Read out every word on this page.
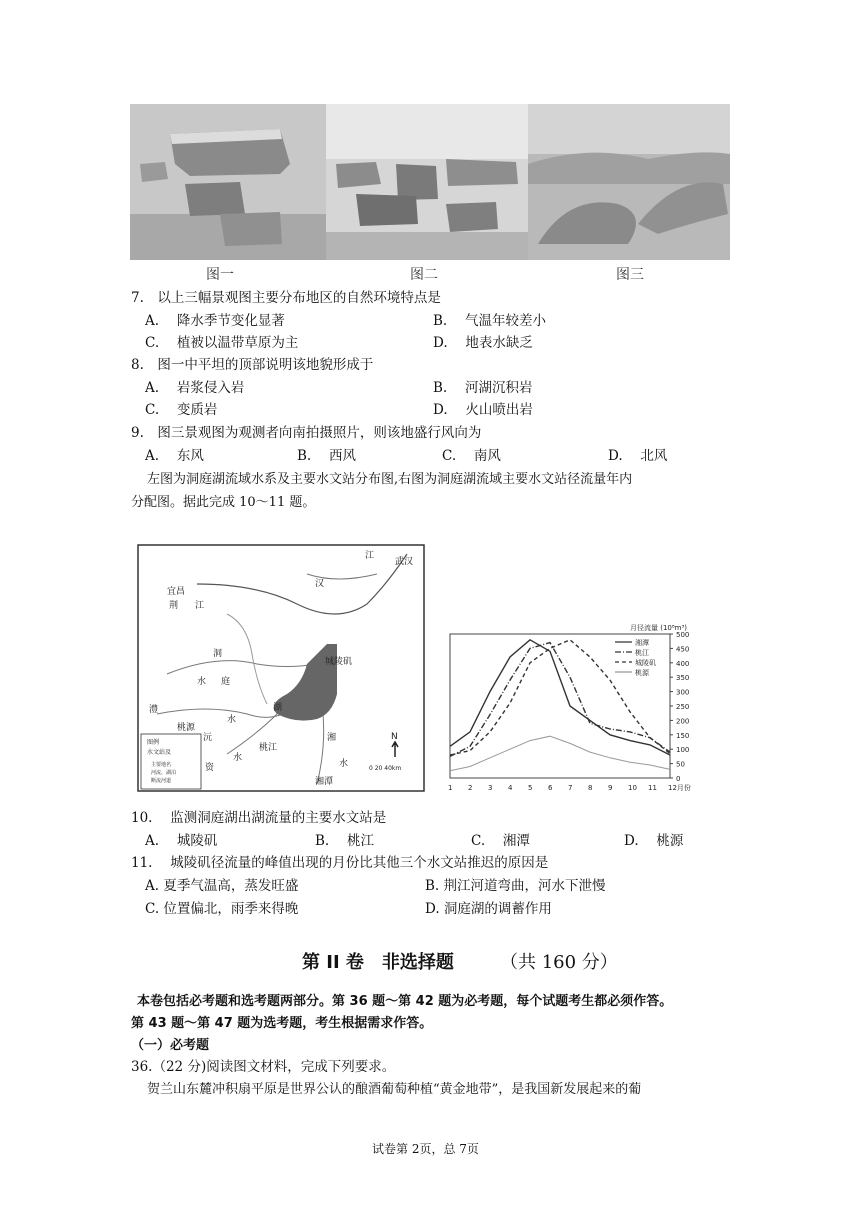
图一	图二	图三
7.　以上三幅景观图主要分布地区的自然环境特点是
A.　 降水季节变化显著	B.　 气温年较差小
C.　 植被以温带草原为主	D.　 地表水缺乏
8.　图一中平坦的顶部说明该地貌形成于
A.　 岩浆侵入岩	B.　 河湖沉积岩
C.　 变质岩	D.　 火山喷出岩
9.　图三景观图为观测者向南拍摄照片，则该地盛行风向为
A.　 东风	B.　 西风	C.　 南风	D.　 北风
左图为洞庭湖流域水系及主要水文站分布图,右图为洞庭湖流域主要水文站径流量年内
分配图。据此完成 10～11 题。
图例
水文站及
主要地名
河流、湖泊
断流河道
江
武汉
宜昌
荆 江
汉
洞
庭
水
城陵矶
湖
澧
桃源
沅
水
桃江
湘
资
水
水
湘潭
N
0 20 40km
0
50
100
150
200
250
300
350
400
450
500
月径流量 (10⁸m³)
1 2 3 4 5 6 7 8 9 10 11 12月份
湘潭
桃江
城陵矶
桃源
10.　 监测洞庭湖出湖流量的主要水文站是
A.　 城陵矶	B.　 桃江	C.　 湘潭	D.　 桃源
11.　 城陵矶径流量的峰值出现的月份比其他三个水文站推迟的原因是
A. 夏季气温高，蒸发旺盛	B. 荆江河道弯曲，河水下泄慢
C. 位置偏北，雨季来得晚	D. 洞庭湖的调蓄作用
第 II 卷　非选择题	（共 160 分）
本卷包括必考题和选考题两部分。第 36 题～第 42 题为必考题，每个试题考生都必须作答。
第 43 题～第 47 题为选考题，考生根据需求作答。
（一）必考题
36.（22 分)阅读图文材料，完成下列要求。
贺兰山东麓冲积扇平原是世界公认的酿酒葡萄种植“黄金地带”，是我国新发展起来的葡
试卷第 2页，总 7页
